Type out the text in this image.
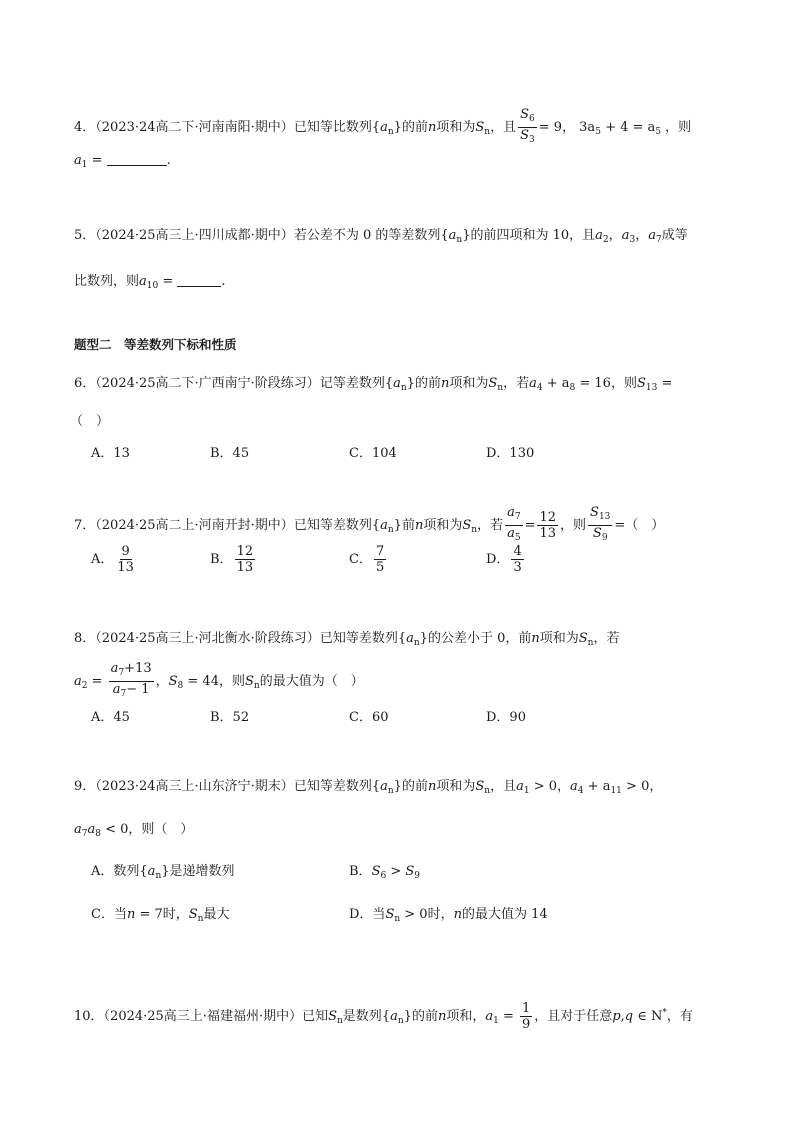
4．（2023·24高二下·河南南阳·期中）已知等比数列$\{a_n\}$的前n项和为$S_n$，且 $\frac{S_6}{S_3} = 9$， $3a_5 + 4 = a_5$ ，则
$a_1$ =	.
5．（2024·25高三上·四川成都·期中）若公差不为 0 的等差数列$\{a_n\}$的前四项和为 10，且$a_2$，$a_3$，$a_7$成等
比数列，则$a_{10}$ =	.
题型二　等差数列下标和性质
6．（2024·25高二下·广西南宁·阶段练习）记等差数列$\{a_n\}$的前n项和为$S_n$，若$a_4 + a_8 = 16$，则$S_{13}$ =
（　）
A．13	B．45	C．104	D．130
7．（2024·25高二上·河南开封·期中）已知等差数列$\{a_n\}$前n项和为$S_n$，若 $\frac{a_7}{a_5} = \frac{12}{13}$ ，则 $\frac{S_{13}}{S_9}$ =（　）
A． $\frac{9}{13}$	B． $\frac{12}{13}$	C． $\frac{7}{5}$	D． $\frac{4}{3}$
8．（2024·25高三上·河北衡水·阶段练习）已知等差数列$\{a_n\}$的公差小于 0，前n项和为$S_n$，若
$a_2 = \frac{a_7+13}{a_7- 1}$ ，$S_8 = 44$，则$S_n$的最大值为（　）
A．45	B．52	C．60	D．90
9．（2023·24高三上·山东济宁·期末）已知等差数列$\{a_n\}$的前n项和为$S_n$，且$a_1 > 0$，$a_4 + a_{11} > 0$，
$a_7a_8 < 0$，则（　）
A．数列$\{a_n\}$是递增数列	B．$S_6 > S_9$
C．当n = 7时，$S_n$最大	D．当$S_n > 0$时，n的最大值为 14
10．（2024·25高三上·福建福州·期中）已知$S_n$是数列$\{a_n\}$的前n项和，$a_1 = \frac{1}{9}$ ，且对于任意p,q ∈ N*，有
